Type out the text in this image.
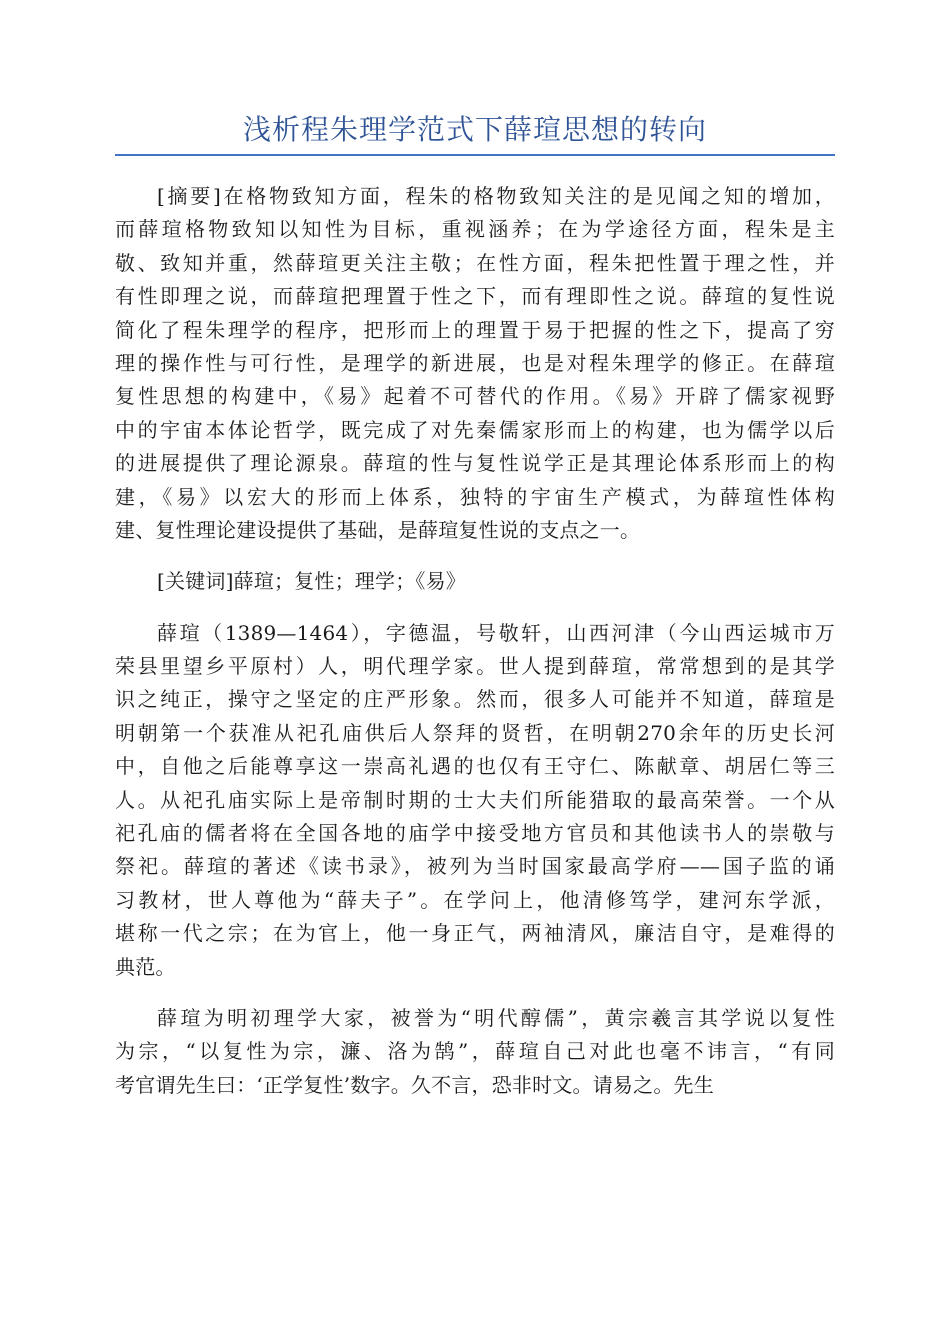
浅析程朱理学范式下薛瑄思想的转向
[摘要]在格物致知方面，程朱的格物致知关注的是见闻之知的增加，
而薛瑄格物致知以知性为目标，重视涵养；在为学途径方面，程朱是主
敬、致知并重，然薛瑄更关注主敬；在性方面，程朱把性置于理之性，并
有性即理之说，而薛瑄把理置于性之下，而有理即性之说。薛瑄的复性说
简化了程朱理学的程序，把形而上的理置于易于把握的性之下，提高了穷
理的操作性与可行性，是理学的新进展，也是对程朱理学的修正。在薛瑄
复性思想的构建中，《易》起着不可替代的作用。《易》开辟了儒家视野
中的宇宙本体论哲学，既完成了对先秦儒家形而上的构建，也为儒学以后
的进展提供了理论源泉。薛瑄的性与复性说学正是其理论体系形而上的构
建，《易》以宏大的形而上体系，独特的宇宙生产模式，为薛瑄性体构
建、复性理论建设提供了基础，是薛瑄复性说的支点之一。
[关键词]薛瑄；复性；理学；《易》
薛瑄（1389—1464），字德温，号敬轩，山西河津（今山西运城市万
荣县里望乡平原村）人，明代理学家。世人提到薛瑄，常常想到的是其学
识之纯正，操守之坚定的庄严形象。然而，很多人可能并不知道，薛瑄是
明朝第一个获准从祀孔庙供后人祭拜的贤哲，在明朝270余年的历史长河
中，自他之后能尊享这一崇高礼遇的也仅有王守仁、陈献章、胡居仁等三
人。从祀孔庙实际上是帝制时期的士大夫们所能猎取的最高荣誉。一个从
祀孔庙的儒者将在全国各地的庙学中接受地方官员和其他读书人的崇敬与
祭祀。薛瑄的著述《读书录》，被列为当时国家最高学府——国子监的诵
习教材，世人尊他为“薛夫子”。在学问上，他清修笃学，建河东学派，
堪称一代之宗；在为官上，他一身正气，两袖清风，廉洁自守，是难得的
典范。
薛瑄为明初理学大家，被誉为“明代醇儒”，黄宗羲言其学说以复性
为宗，“以复性为宗，濂、洛为鹄”，薛瑄自己对此也毫不讳言，“有同
考官谓先生曰：‘正学复性’数字。久不言，恐非时文。请易之。先生
